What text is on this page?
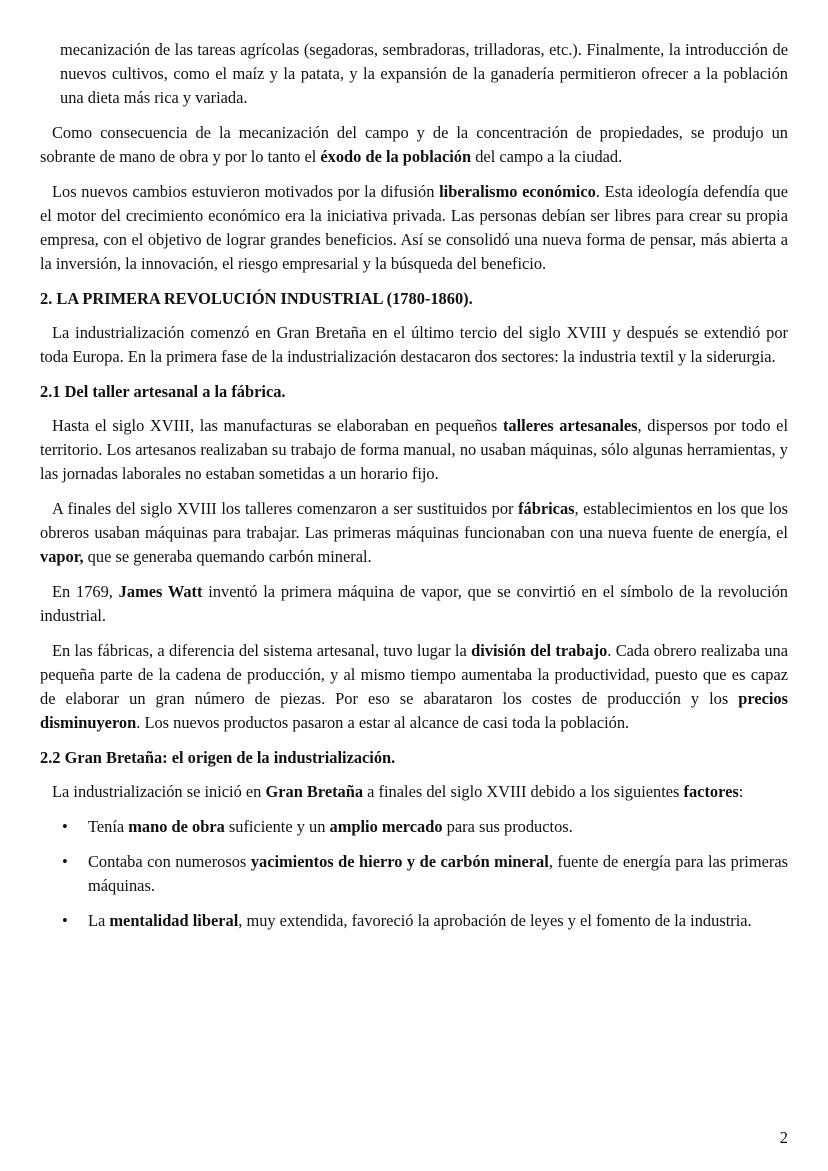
mecanización de las tareas agrícolas (segadoras, sembradoras, trilladoras, etc.). Finalmente, la introducción de nuevos cultivos, como el maíz y la patata, y la expansión de la ganadería permitieron ofrecer a la población una dieta más rica y variada.

Como consecuencia de la mecanización del campo y de la concentración de propiedades, se produjo un sobrante de mano de obra y por lo tanto el éxodo de la población del campo a la ciudad.

Los nuevos cambios estuvieron motivados por la difusión liberalismo económico. Esta ideología defendía que el motor del crecimiento económico era la iniciativa privada. Las personas debían ser libres para crear su propia empresa, con el objetivo de lograr grandes beneficios. Así se consolidó una nueva forma de pensar, más abierta a la inversión, la innovación, el riesgo empresarial y la búsqueda del beneficio.

2. LA PRIMERA REVOLUCIÓN INDUSTRIAL (1780-1860).

La industrialización comenzó en Gran Bretaña en el último tercio del siglo XVIII y después se extendió por toda Europa. En la primera fase de la industrialización destacaron dos sectores: la industria textil y la siderurgia.

2.1 Del taller artesanal a la fábrica.

Hasta el siglo XVIII, las manufacturas se elaboraban en pequeños talleres artesanales, dispersos por todo el territorio. Los artesanos realizaban su trabajo de forma manual, no usaban máquinas, sólo algunas herramientas, y las jornadas laborales no estaban sometidas a un horario fijo.

A finales del siglo XVIII los talleres comenzaron a ser sustituidos por fábricas, establecimientos en los que los obreros usaban máquinas para trabajar. Las primeras máquinas funcionaban con una nueva fuente de energía, el vapor, que se generaba quemando carbón mineral.

En 1769, James Watt inventó la primera máquina de vapor, que se convirtió en el símbolo de la revolución industrial.

En las fábricas, a diferencia del sistema artesanal, tuvo lugar la división del trabajo. Cada obrero realizaba una pequeña parte de la cadena de producción, y al mismo tiempo aumentaba la productividad, puesto que es capaz de elaborar un gran número de piezas. Por eso se abarataron los costes de producción y los precios disminuyeron. Los nuevos productos pasaron a estar al alcance de casi toda la población.

2.2 Gran Bretaña: el origen de la industrialización.

La industrialización se inició en Gran Bretaña a finales del siglo XVIII debido a los siguientes factores:

• Tenía mano de obra suficiente y un amplio mercado para sus productos.
• Contaba con numerosos yacimientos de hierro y de carbón mineral, fuente de energía para las primeras máquinas.
• La mentalidad liberal, muy extendida, favoreció la aprobación de leyes y el fomento de la industria.
2
